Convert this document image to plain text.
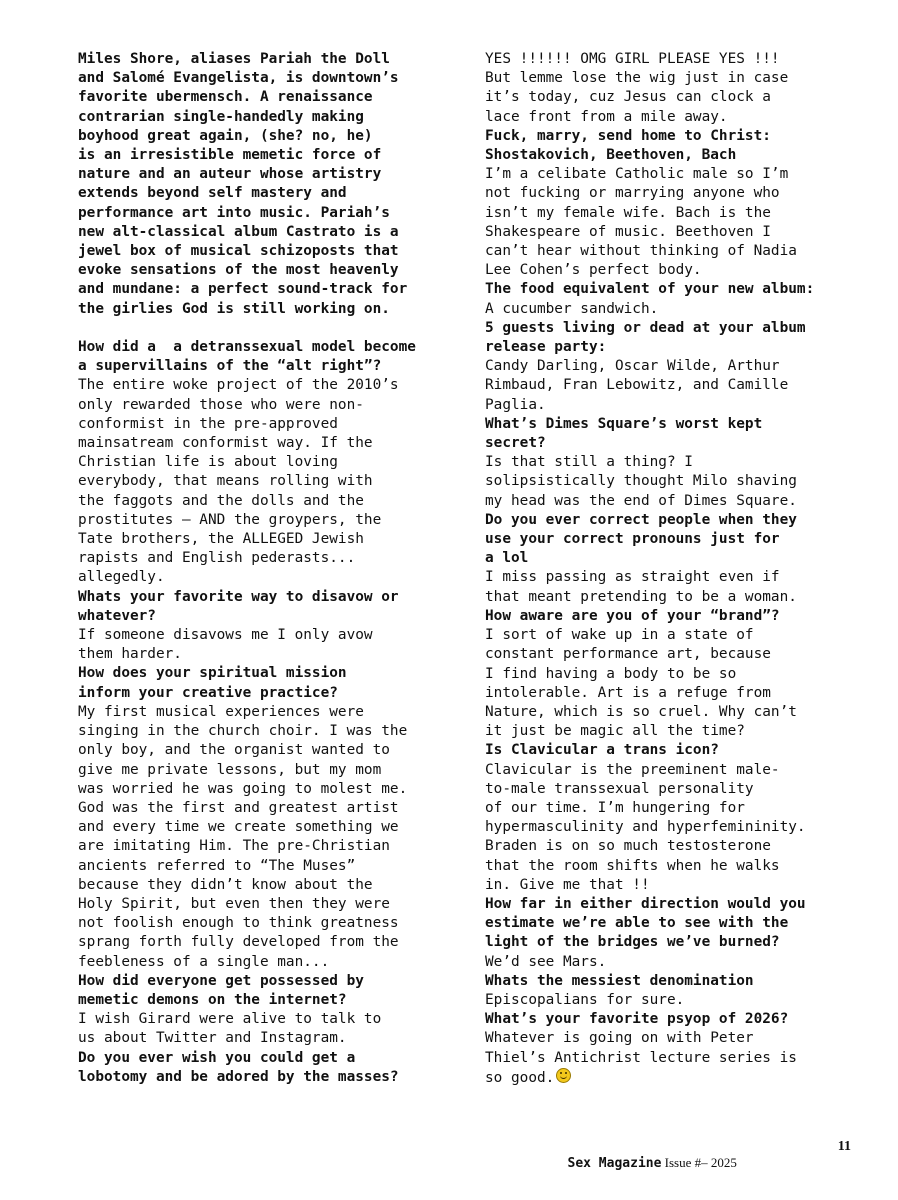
Miles Shore, aliases Pariah the Doll
and Salomé Evangelista, is downtown’s
favorite ubermensch. A renaissance
contrarian single-handedly making
boyhood great again, (she? no, he)
is an irresistible memetic force of
nature and an auteur whose artistry
extends beyond self mastery and
performance art into music. Pariah’s
new alt-classical album Castrato is a
jewel box of musical schizoposts that
evoke sensations of the most heavenly
and mundane: a perfect sound-track for
the girlies God is still working on.
How did a  a detranssexual model become
a supervillains of the “alt right”?
The entire woke project of the 2010’s
only rewarded those who were non-
conformist in the pre-approved
mainsatream conformist way. If the
Christian life is about loving
everybody, that means rolling with
the faggots and the dolls and the
prostitutes – AND the groypers, the
Tate brothers, the ALLEGED Jewish
rapists and English pederasts...
allegedly.
Whats your favorite way to disavow or
whatever?
If someone disavows me I only avow
them harder.
How does your spiritual mission
inform your creative practice?
My first musical experiences were
singing in the church choir. I was the
only boy, and the organist wanted to
give me private lessons, but my mom
was worried he was going to molest me.
God was the first and greatest artist
and every time we create something we
are imitating Him. The pre-Christian
ancients referred to “The Muses”
because they didn’t know about the
Holy Spirit, but even then they were
not foolish enough to think greatness
sprang forth fully developed from the
feebleness of a single man...
How did everyone get possessed by
memetic demons on the internet?
I wish Girard were alive to talk to
us about Twitter and Instagram.
Do you ever wish you could get a
lobotomy and be adored by the masses?
YES !!!!!! OMG GIRL PLEASE YES !!!
But lemme lose the wig just in case
it’s today, cuz Jesus can clock a
lace front from a mile away.
Fuck, marry, send home to Christ:
Shostakovich, Beethoven, Bach
I’m a celibate Catholic male so I’m
not fucking or marrying anyone who
isn’t my female wife. Bach is the
Shakespeare of music. Beethoven I
can’t hear without thinking of Nadia
Lee Cohen’s perfect body.
The food equivalent of your new album:
A cucumber sandwich.
5 guests living or dead at your album
release party:
Candy Darling, Oscar Wilde, Arthur
Rimbaud, Fran Lebowitz, and Camille
Paglia.
What’s Dimes Square’s worst kept
secret?
Is that still a thing? I
solipsistically thought Milo shaving
my head was the end of Dimes Square.
Do you ever correct people when they
use your correct pronouns just for
a lol
I miss passing as straight even if
that meant pretending to be a woman.
How aware are you of your “brand”?
I sort of wake up in a state of
constant performance art, because
I find having a body to be so
intolerable. Art is a refuge from
Nature, which is so cruel. Why can’t
it just be magic all the time?
Is Clavicular a trans icon?
Clavicular is the preeminent male-
to-male transsexual personality
of our time. I’m hungering for
hypermasculinity and hyperfemininity.
Braden is on so much testosterone
that the room shifts when he walks
in. Give me that !!
How far in either direction would you
estimate we’re able to see with the
light of the bridges we’ve burned?
We’d see Mars.
Whats the messiest denomination
Episcopalians for sure.
What’s your favorite psyop of 2026?
Whatever is going on with Peter
Thiel’s Antichrist lecture series is
so good.

Sex Magazine Issue #– 2025

11
